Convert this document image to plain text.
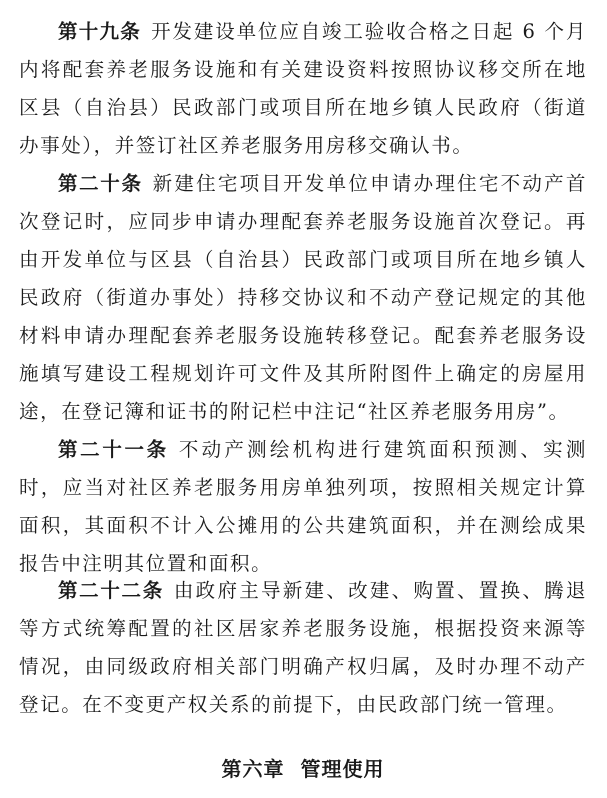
第十九条 开发建设单位应自竣工验收合格之日起 6 个月内将配套养老服务设施和有关建设资料按照协议移交所在地区县（自治县）民政部门或项目所在地乡镇人民政府（街道办事处），并签订社区养老服务用房移交确认书。

第二十条 新建住宅项目开发单位申请办理住宅不动产首次登记时，应同步申请办理配套养老服务设施首次登记。再由开发单位与区县（自治县）民政部门或项目所在地乡镇人民政府（街道办事处）持移交协议和不动产登记规定的其他材料申请办理配套养老服务设施转移登记。配套养老服务设施填写建设工程规划许可文件及其所附图件上确定的房屋用途，在登记簿和证书的附记栏中注记“社区养老服务用房”。

第二十一条 不动产测绘机构进行建筑面积预测、实测时，应当对社区养老服务用房单独列项，按照相关规定计算面积，其面积不计入公摊用的公共建筑面积，并在测绘成果报告中注明其位置和面积。

第二十二条 由政府主导新建、改建、购置、置换、腾退等方式统筹配置的社区居家养老服务设施，根据投资来源等情况，由同级政府相关部门明确产权归属，及时办理不动产登记。在不变更产权关系的前提下，由民政部门统一管理。

第六章  管理使用
